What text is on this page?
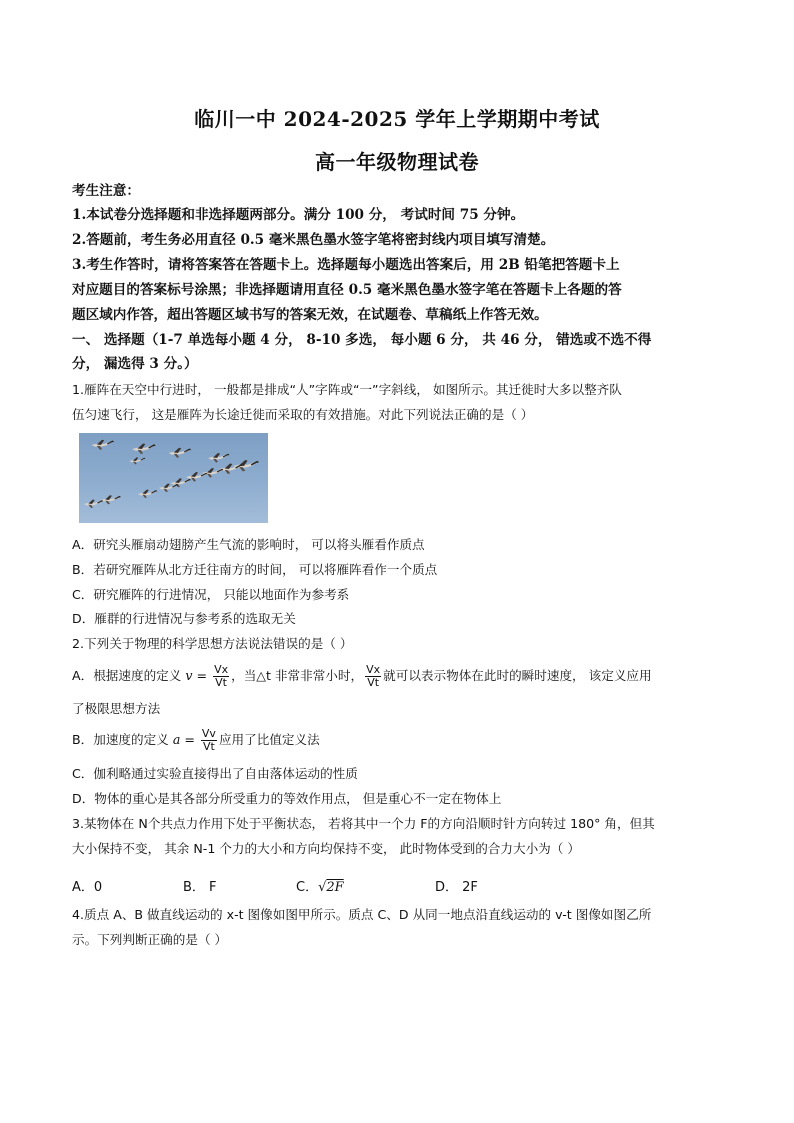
临川一中 2024-2025 学年上学期期中考试
高一年级物理试卷
考生注意：
1.本试卷分选择题和非选择题两部分。满分 100 分， 考试时间 75 分钟。
2.答题前，考生务必用直径 0.5 毫米黑色墨水签字笔将密封线内项目填写清楚。
3.考生作答时，请将答案答在答题卡上。选择题每小题选出答案后，用 2B 铅笔把答题卡上
对应题目的答案标号涂黑；非选择题请用直径 0.5 毫米黑色墨水签字笔在答题卡上各题的答
题区域内作答，超出答题区域书写的答案无效，在试题卷、草稿纸上作答无效。
一、 选择题（1-7 单选每小题 4 分， 8-10 多选， 每小题 6 分， 共 46 分， 错选或不选不得
分， 漏选得 3 分。）
1.雁阵在天空中行进时， 一般都是排成“人”字阵或“一”字斜线， 如图所示。其迁徙时大多以整齐队
伍匀速飞行， 这是雁阵为长途迁徙而采取的有效措施。对此下列说法正确的是（ ）
A．研究头雁扇动翅膀产生气流的影响时， 可以将头雁看作质点
B．若研究雁阵从北方迁往南方的时间， 可以将雁阵看作一个质点
C．研究雁阵的行进情况， 只能以地面作为参考系
D．雁群的行进情况与参考系的选取无关
2.下列关于物理的科学思想方法说法错误的是（ ）
A．根据速度的定义 $v = \frac{Vx}{Vt}$ ，当△t 非常非常小时， $\frac{Vx}{Vt}$ 就可以表示物体在此时的瞬时速度， 该定义应用
了极限思想方法
B．加速度的定义 $a = \frac{Vv}{Vt}$ 应用了比值定义法
C．伽利略通过实验直接得出了自由落体运动的性质
D．物体的重心是其各部分所受重力的等效作用点， 但是重心不一定在物体上
3.某物体在 N个共点力作用下处于平衡状态， 若将其中一个力 F的方向沿顺时针方向转过 180° 角，但其
大小保持不变， 其余 N-1 个力的大小和方向均保持不变， 此时物体受到的合力大小为（ ）
A．0	B． F	C．√2F	D． 2F
4.质点 A、B 做直线运动的 x-t 图像如图甲所示。质点 C、D 从同一地点沿直线运动的 v-t 图像如图乙所
示。下列判断正确的是（ ）
